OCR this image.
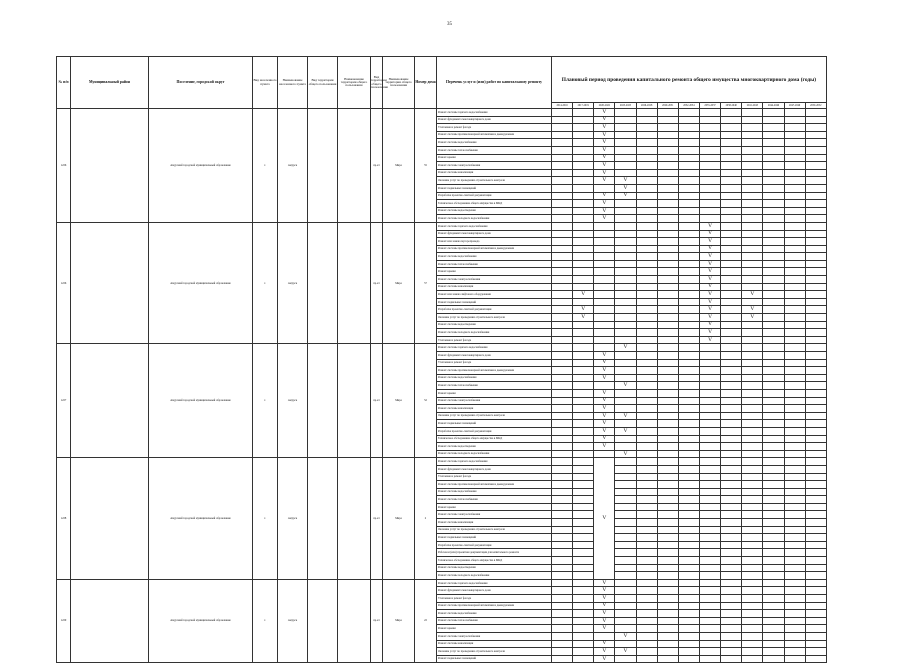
35
№ п/п	Муниципальный район	Поселение, городской округ	Вид населенного пункта	Наименование населенного пункта	Вид территории общего пользования	Наименование территории общего пользования	Вид территории общего пользования	Наименование территории общего пользования	Номер дома	Перечень услуг и (или) работ по капитальному ремонту	Плановый период проведения капитального ремонта общего имущества многоквартирного дома (годы)												
											2014-2016	2017-2019	2020-2022	2023-2025	2026-2028	2029-2031	2032-2034	2035-2037	2038-2040	2041-2043	2044-2046	2047-2049	2050-2052
1226		Амурский городской муниципальный образование	г.	Амурск			пр-кт	Мира	55	Ремонт системы горячего водоснабжения			V										
										Ремонт фундамента многоквартирного дома			V										
										Утепление и ремонт фасада			V										
										Ремонт системы противопожарной автоматики и дымоудаления			V										
										Ремонт системы водоснабжения			V										
										Ремонт системы теплоснабжения			V										
										Ремонт крыши			V										
										Ремонт системы электроснабжения			V										
										Ремонт системы канализации			V										
										Оказание услуг по проведению строительного контроля			V	V									
										Ремонт подвальных помещений				V									
										Разработка проектно-сметной документации			V	V									
										Техническое обследование общего имущества в МКД			V										
										Ремонт системы водоотведения			V										
										Ремонт системы холодного водоснабжения			V										
1226		Амурский городской муниципальный образование	г.	Амурск			пр-кт	Мира	57	Ремонт системы горячего водоснабжения								V					
										Ремонт фундамента многоквартирного дома								V					
										Ремонт или замена мусоропровода								V					
										Ремонт системы противопожарной автоматики и дымоудаления								V					
										Ремонт системы водоснабжения								V					
										Ремонт системы теплоснабжения								V					
										Ремонт крыши								V					
										Ремонт системы электроснабжения								V					
										Ремонт системы канализации								V					
										Ремонт или замена лифтового оборудования		V						V		V			
										Ремонт подвальных помещений								V					
										Разработка проектно-сметной документации		V						V		V			
										Оказание услуг по проведению строительного контроля		V						V		V			
										Ремонт системы водоотведения								V					
										Ремонт системы холодного водоснабжения								V					
										Утепление и ремонт фасада								V					
1227		Амурский городской муниципальный образование	г.	Амурск			пр-кт	Мира	52	Ремонт системы горячего водоснабжения				V									
										Ремонт фундамента многоквартирного дома			V										
										Утепление и ремонт фасада			V										
										Ремонт системы противопожарной автоматики и дымоудаления			V										
										Ремонт системы водоснабжения			V										
										Ремонт системы теплоснабжения				V									
										Ремонт крыши			V										
										Ремонт системы электроснабжения			V										
										Ремонт системы канализации			V										
										Оказание услуг по проведению строительного контроля			V	V									
										Ремонт подвальных помещений			V										
										Разработка проектно-сметной документации			V	V									
										Техническое обследование общего имущества в МКД			V										
										Ремонт системы водоотведения			V										
										Ремонт системы холодного водоснабжения				V									
1228		Амурский городской муниципальный образование	г.	Амурск			пр-кт	Мира	2	Ремонт системы горячего водоснабжения			V										
										Ремонт фундамента многоквартирного дома													
										Утепление и ремонт фасада													
										Ремонт системы противопожарной автоматики и дымоудаления													
										Ремонт системы водоснабжения													
										Ремонт системы теплоснабжения													
										Ремонт крыши													
										Ремонт системы электроснабжения													
										Ремонт системы канализации													
										Оказание услуг по проведению строительного контроля													
										Ремонт подвальных помещений													
										Разработка проектно-сметной документации													
										Рабочая и (или) проектная документация для капитального ремонта													
										Техническое обследование общего имущества в МКД													
										Ремонт системы водоотведения													
										Ремонт системы холодного водоснабжения													
1229		Амурский городской муниципальный образование	г.	Амурск			пр-кт	Мира	22	Ремонт системы горячего водоснабжения			V										
										Ремонт фундамента многоквартирного дома			V										
										Утепление и ремонт фасада			V										
										Ремонт системы противопожарной автоматики и дымоудаления			V										
										Ремонт системы водоснабжения			V										
										Ремонт системы теплоснабжения			V										
										Ремонт крыши			V										
										Ремонт системы электроснабжения				V									
										Ремонт системы канализации			V										
										Оказание услуг по проведению строительного контроля			V	V									
										Ремонт подвальных помещений			V										
